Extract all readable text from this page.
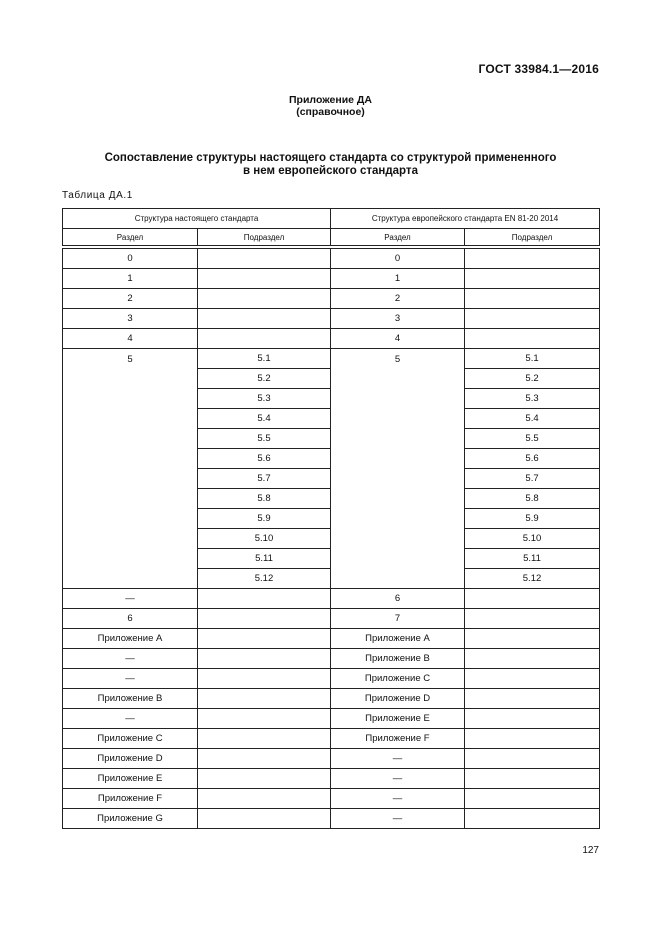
ГОСТ 33984.1—2016
Приложение ДА
(справочное)
Сопоставление структуры настоящего стандарта со структурой примененного
в нем европейского стандарта
Таблица ДА.1
Структура настоящего стандарта		Структура европейского стандарта EN 81-20 2014	
Раздел	Подраздел	Раздел	Подраздел

0		0	
1		1	
2		2	
3		3	
4		4	
5	5.1	5	5.1
	5.2		5.2
	5.3		5.3
	5.4		5.4
	5.5		5.5
	5.6		5.6
	5.7		5.7
	5.8		5.8
	5.9		5.9
	5.10		5.10
	5.11		5.11
	5.12		5.12
—		6	
6		7	
Приложение А		Приложение А	
—		Приложение В	
—		Приложение С	
Приложение В		Приложение D	
—		Приложение Е	
Приложение С		Приложение F	
Приложение D		—	
Приложение Е		—	
Приложение F		—	
Приложение G		—	
127
